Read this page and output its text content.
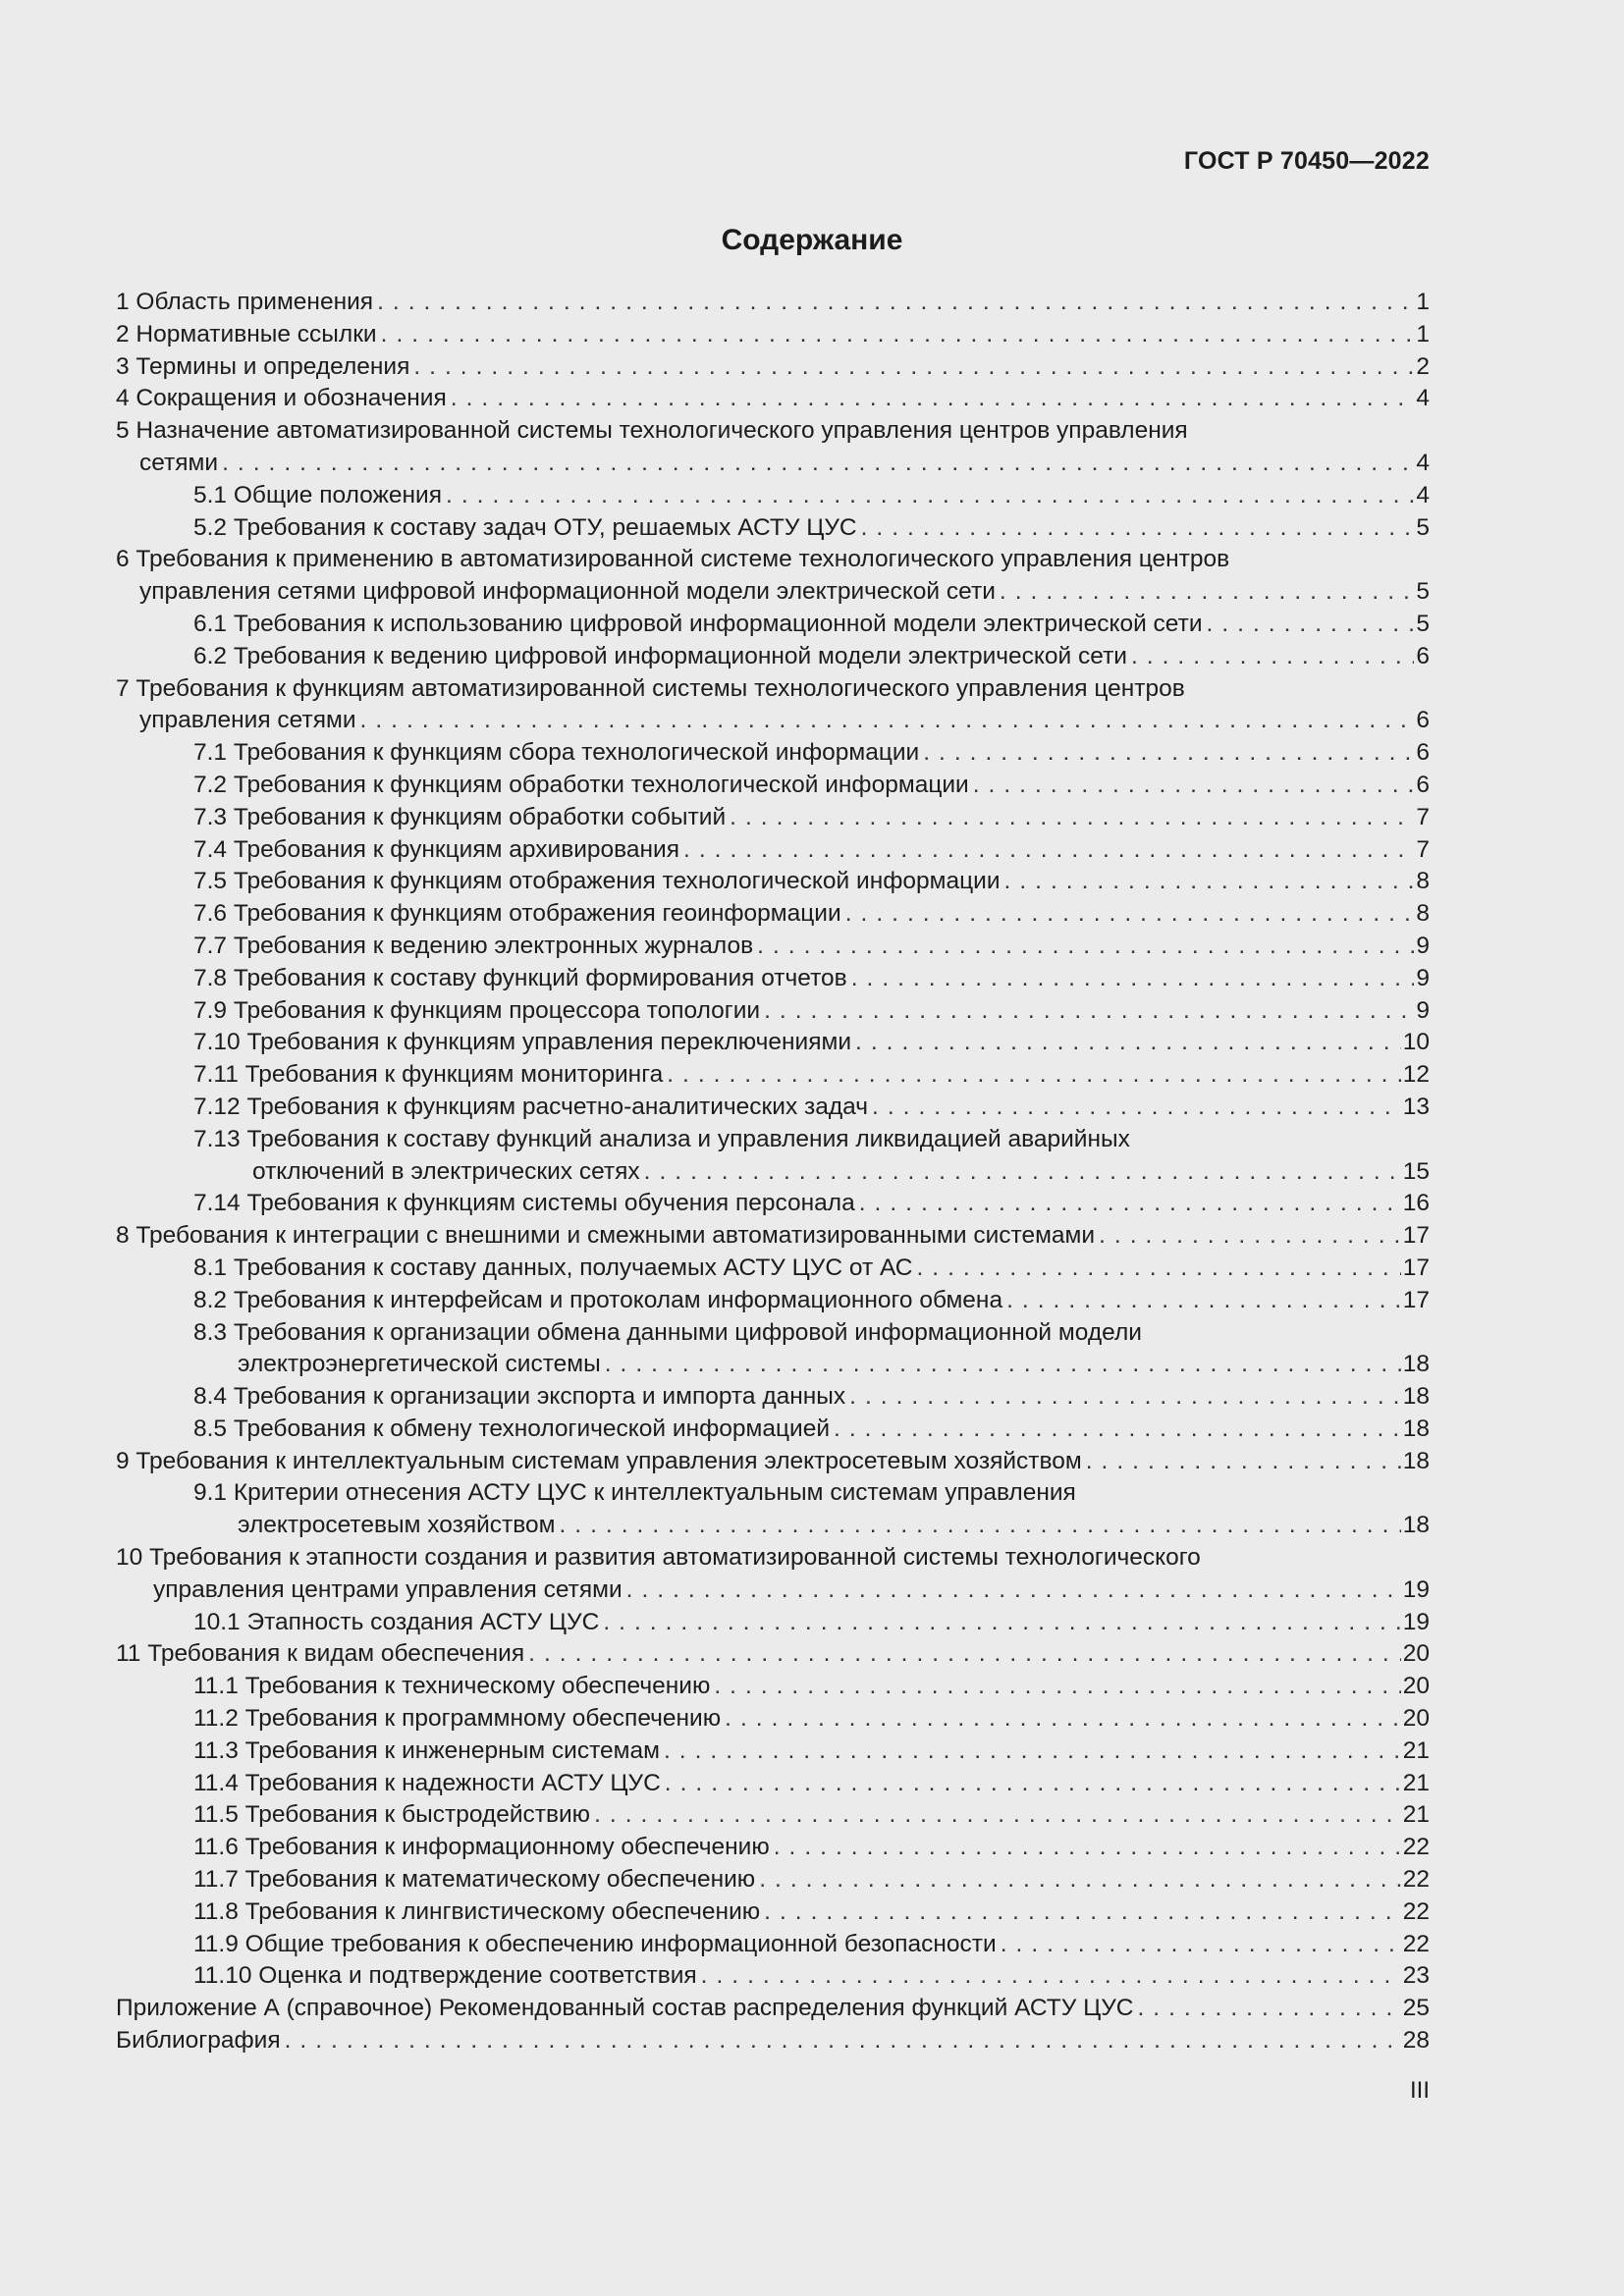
ГОСТ Р 70450—2022
Содержание
1 Область применения . . .	1
2 Нормативные ссылки . . .	1
3 Термины и определения . . .	2
4 Сокращения и обозначения . . .	4
5 Назначение автоматизированной системы технологического управления центров управления
сетями . . .	4
5.1 Общие положения . . .	4
5.2 Требования к составу задач ОТУ, решаемых АСТУ ЦУС . . .	5
6 Требования к применению в автоматизированной системе технологического управления центров
управления сетями цифровой информационной модели электрической сети . . .	5
6.1 Требования к использованию цифровой информационной модели электрической сети . . .	5
6.2 Требования к ведению цифровой информационной модели электрической сети . . .	6
7 Требования к функциям автоматизированной системы технологического управления центров
управления сетями . . .	6
7.1 Требования к функциям сбора технологической информации . . .	6
7.2 Требования к функциям обработки технологической информации . . .	6
7.3 Требования к функциям обработки событий . . .	7
7.4 Требования к функциям архивирования . . .	7
7.5 Требования к функциям отображения технологической информации . . .	8
7.6 Требования к функциям отображения геоинформации . . .	8
7.7 Требования к ведению электронных журналов . . .	9
7.8 Требования к составу функций формирования отчетов . . .	9
7.9 Требования к функциям процессора топологии . . .	9
7.10 Требования к функциям управления переключениями . . .	10
7.11 Требования к функциям мониторинга . . .	12
7.12 Требования к функциям расчетно-аналитических задач . . .	13
7.13 Требования к составу функций анализа и управления ликвидацией аварийных
отключений в электрических сетях . . .	15
7.14 Требования к функциям системы обучения персонала . . .	16
8 Требования к интеграции с внешними и смежными автоматизированными системами . . .	17
8.1 Требования к составу данных, получаемых АСТУ ЦУС от АС . . .	17
8.2 Требования к интерфейсам и протоколам информационного обмена . . .	17
8.3 Требования к организации обмена данными цифровой информационной модели
электроэнергетической системы . . .	18
8.4 Требования к организации экспорта и импорта данных . . .	18
8.5 Требования к обмену технологической информацией . . .	18
9 Требования к интеллектуальным системам управления электросетевым хозяйством . . .	18
9.1 Критерии отнесения АСТУ ЦУС к интеллектуальным системам управления
электросетевым хозяйством . . .	18
10 Требования к этапности создания и развития автоматизированной системы технологического
управления центрами управления сетями . . .	19
10.1 Этапность создания АСТУ ЦУС . . .	19
11 Требования к видам обеспечения . . .	20
11.1 Требования к техническому обеспечению . . .	20
11.2 Требования к программному обеспечению . . .	20
11.3 Требования к инженерным системам . . .	21
11.4 Требования к надежности АСТУ ЦУС . . .	21
11.5 Требования к быстродействию . . .	21
11.6 Требования к информационному обеспечению . . .	22
11.7 Требования к математическому обеспечению . . .	22
11.8 Требования к лингвистическому обеспечению . . .	22
11.9 Общие требования к обеспечению информационной безопасности . . .	22
11.10 Оценка и подтверждение соответствия . . .	23
Приложение А (справочное) Рекомендованный состав распределения функций АСТУ ЦУС . . .	25
Библиография . . .	28
III
